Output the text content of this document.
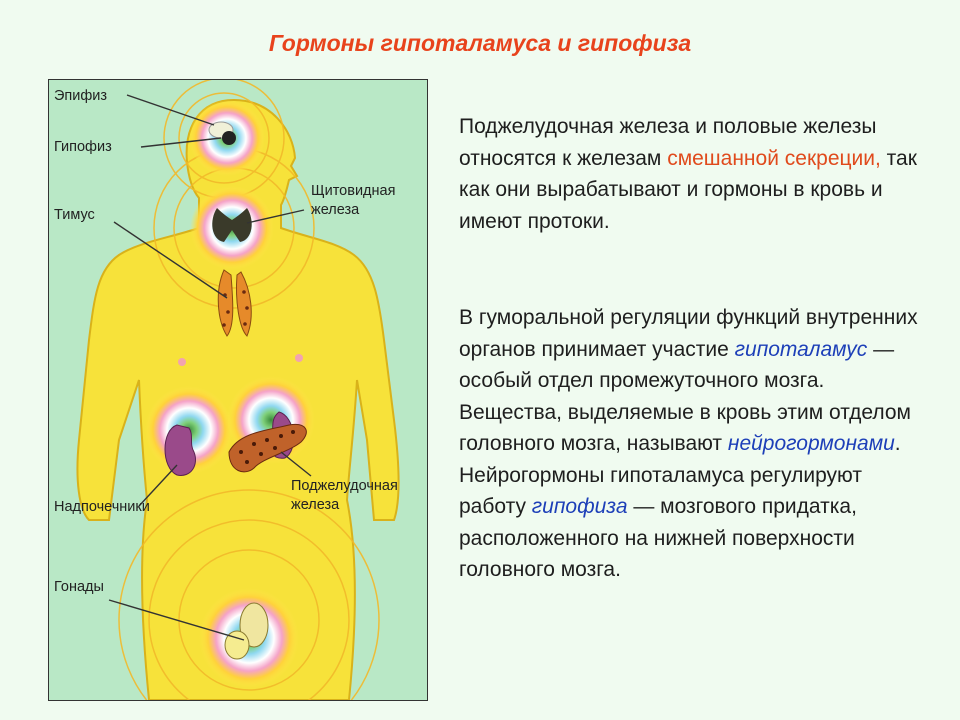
Гормоны гипоталамуса и гипофиза
Эпифиз
Гипофиз
Тимус
Щитовидная
железа
Надпочечники
Поджелудочная
железа
Гонады
Поджелудочная железа и половые железы относятся к железам смешанной секреции, так как они вырабатывают и гормоны в кровь и имеют протоки.
В гуморальной регуляции функций внутренних органов принимает участие гипоталамус — особый отдел промежуточного мозга. Вещества, выделяемые в кровь этим отделом головного мозга, называют нейрогормонами. Нейрогормоны гипоталамуса регулируют работу гипофиза — мозгового придатка, расположенного на нижней поверхности головного мозга.
